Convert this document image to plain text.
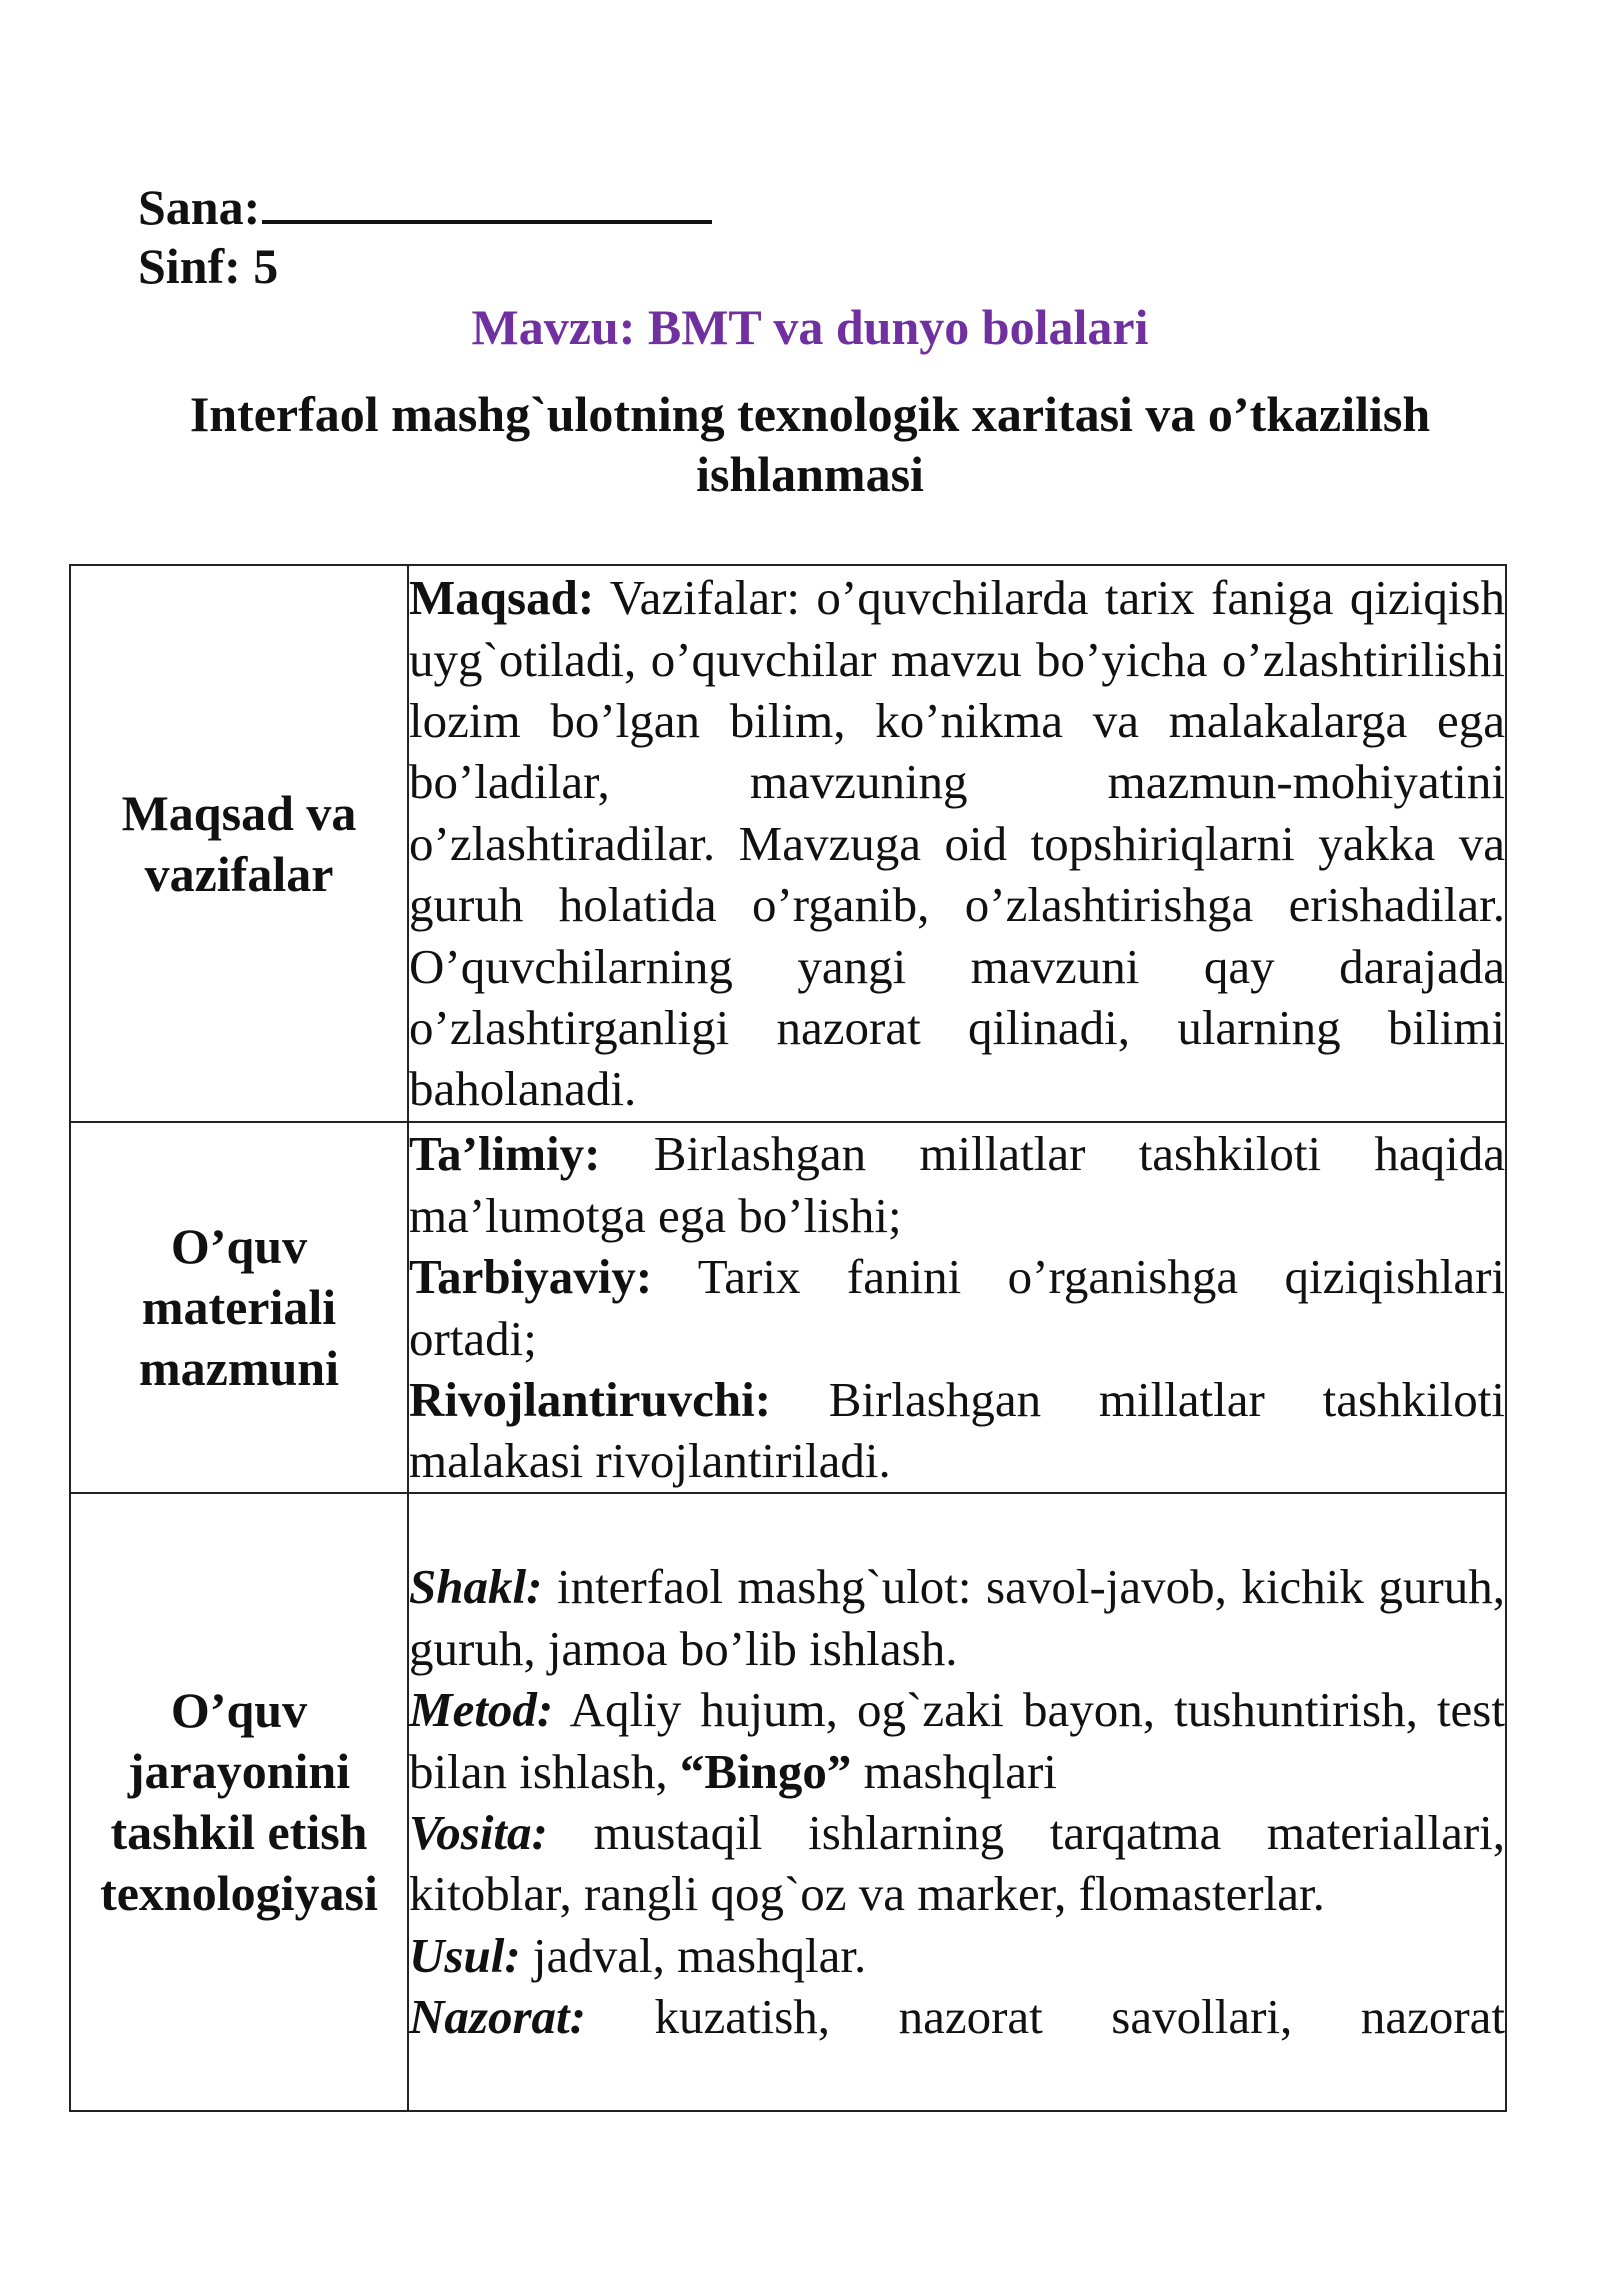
Sana:
Sinf: 5
Mavzu: BMT va dunyo bolalari
Interfaol mashg`ulotning texnologik xaritasi va o’tkazilish ishlanmasi
Maqsad va vazifalar	Maqsad: Vazifalar: o’quvchilarda tarix faniga qiziqish uyg`otiladi, o’quvchilar mavzu bo’yicha o’zlashtirilishi lozim bo’lgan bilim, ko’nikma va malakalarga ega bo’ladilar, mavzuning mazmun-mohiyatini o’zlashtiradilar. Mavzuga oid topshiriqlarni yakka va guruh holatida o’rganib, o’zlashtirishga erishadilar. O’quvchilarning yangi mavzuni qay darajada o’zlashtirganligi nazorat qilinadi, ularning bilimi baholanadi.

O’quv materiali mazmuni	Ta’limiy: Birlashgan millatlar tashkiloti haqida ma’lumotga ega bo’lishi;
Tarbiyaviy: Tarix fanini o’rganishga qiziqishlari ortadi;
Rivojlantiruvchi: Birlashgan millatlar tashkiloti malakasi rivojlantiriladi.

O’quv jarayonini tashkil etish texnologiyasi	Shakl: interfaol mashg`ulot: savol-javob, kichik guruh, guruh, jamoa bo’lib ishlash.
Metod: Aqliy hujum, og`zaki bayon, tushuntirish, test bilan ishlash, “Bingo” mashqlari
Vosita: mustaqil ishlarning tarqatma materiallari, kitoblar, rangli qog`oz va marker, flomasterlar.
Usul: jadval, mashqlar.
Nazorat: kuzatish, nazorat savollari, nazorat
